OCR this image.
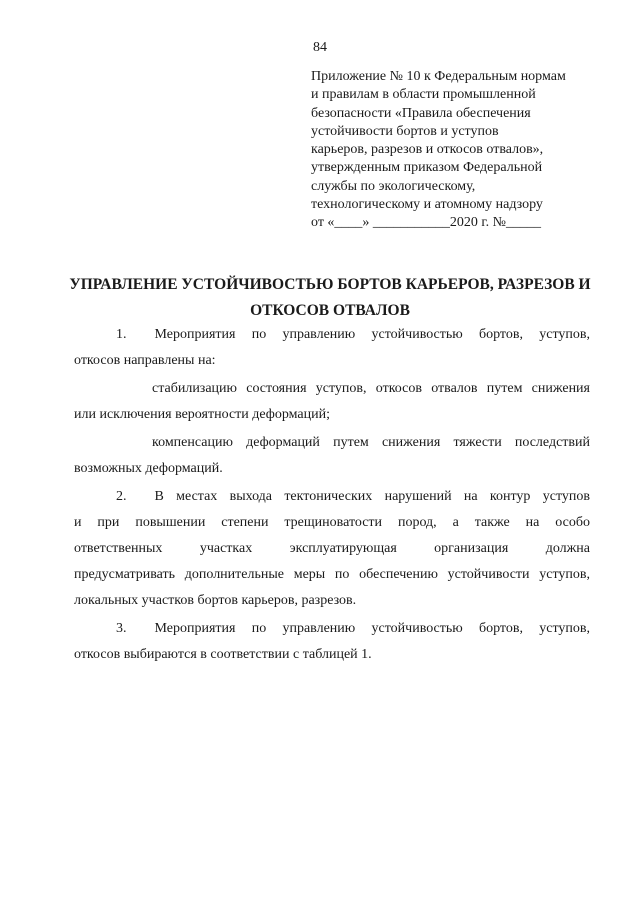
84
Приложение № 10 к Федеральным нормам
и правилам в области промышленной
безопасности «Правила обеспечения
устойчивости бортов и уступов
карьеров, разрезов и откосов отвалов»,
утвержденным приказом Федеральной
службы по экологическому,
технологическому и атомному надзору
от «____» ___________2020 г. №_____
УПРАВЛЕНИЕ УСТОЙЧИВОСТЬЮ БОРТОВ КАРЬЕРОВ, РАЗРЕЗОВ И
ОТКОСОВ ОТВАЛОВ
1.  Мероприятия по управлению устойчивостью бортов, уступов,
откосов направлены на:
стабилизацию состояния уступов, откосов отвалов путем снижения
или исключения вероятности деформаций;
компенсацию деформаций путем снижения тяжести последствий
возможных деформаций.
2.  В местах выхода тектонических нарушений на контур уступов
и при повышении степени трещиноватости пород, а также на особо
ответственных участках эксплуатирующая организация должна
предусматривать дополнительные меры по обеспечению устойчивости уступов,
локальных участков бортов карьеров, разрезов.
3.  Мероприятия по управлению устойчивостью бортов, уступов,
откосов выбираются в соответствии с таблицей 1.
